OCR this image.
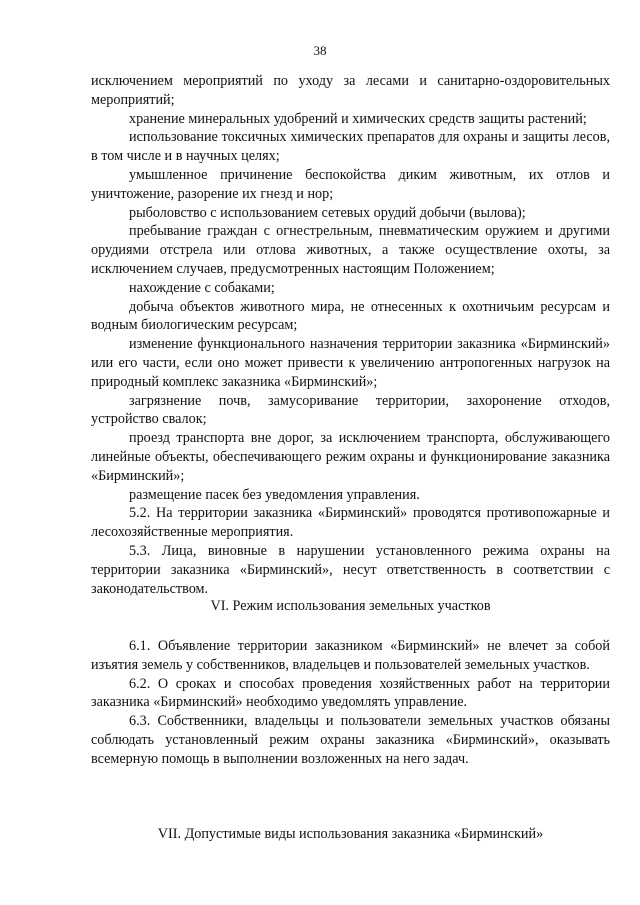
38

исключением мероприятий по уходу за лесами и санитарно-оздоровительных мероприятий;

хранение минеральных удобрений и химических средств защиты растений;

использование токсичных химических препаратов для охраны и защиты лесов, в том числе и в научных целях;

умышленное причинение беспокойства диким животным, их отлов и уничтожение, разорение их гнезд и нор;

рыболовство с использованием сетевых орудий добычи (вылова);

пребывание граждан с огнестрельным, пневматическим оружием и другими орудиями отстрела или отлова животных, а также осуществление охоты, за исключением случаев, предусмотренных настоящим Положением;

нахождение с собаками;

добыча объектов животного мира, не отнесенных к охотничьим ресурсам и водным биологическим ресурсам;

изменение функционального назначения территории заказника «Бирминский» или его части, если оно может привести к увеличению антропогенных нагрузок на природный комплекс заказника «Бирминский»;

загрязнение почв, замусоривание территории, захоронение отходов, устройство свалок;

проезд транспорта вне дорог, за исключением транспорта, обслуживающего линейные объекты, обеспечивающего режим охраны и функционирование заказника «Бирминский»;

размещение пасек без уведомления управления.

5.2. На территории заказника «Бирминский» проводятся противопожарные и лесохозяйственные мероприятия.

5.3. Лица, виновные в нарушении установленного режима охраны на территории заказника «Бирминский», несут ответственность в соответствии с законодательством.

VI. Режим использования земельных участков

6.1. Объявление территории заказником «Бирминский» не влечет за собой изъятия земель у собственников, владельцев и пользователей земельных участков.

6.2. О сроках и способах проведения хозяйственных работ на территории заказника «Бирминский» необходимо уведомлять управление.

6.3. Собственники, владельцы и пользователи земельных участков обязаны соблюдать установленный режим охраны заказника «Бирминский», оказывать всемерную помощь в выполнении возложенных на него задач.

VII. Допустимые виды использования заказника «Бирминский»
